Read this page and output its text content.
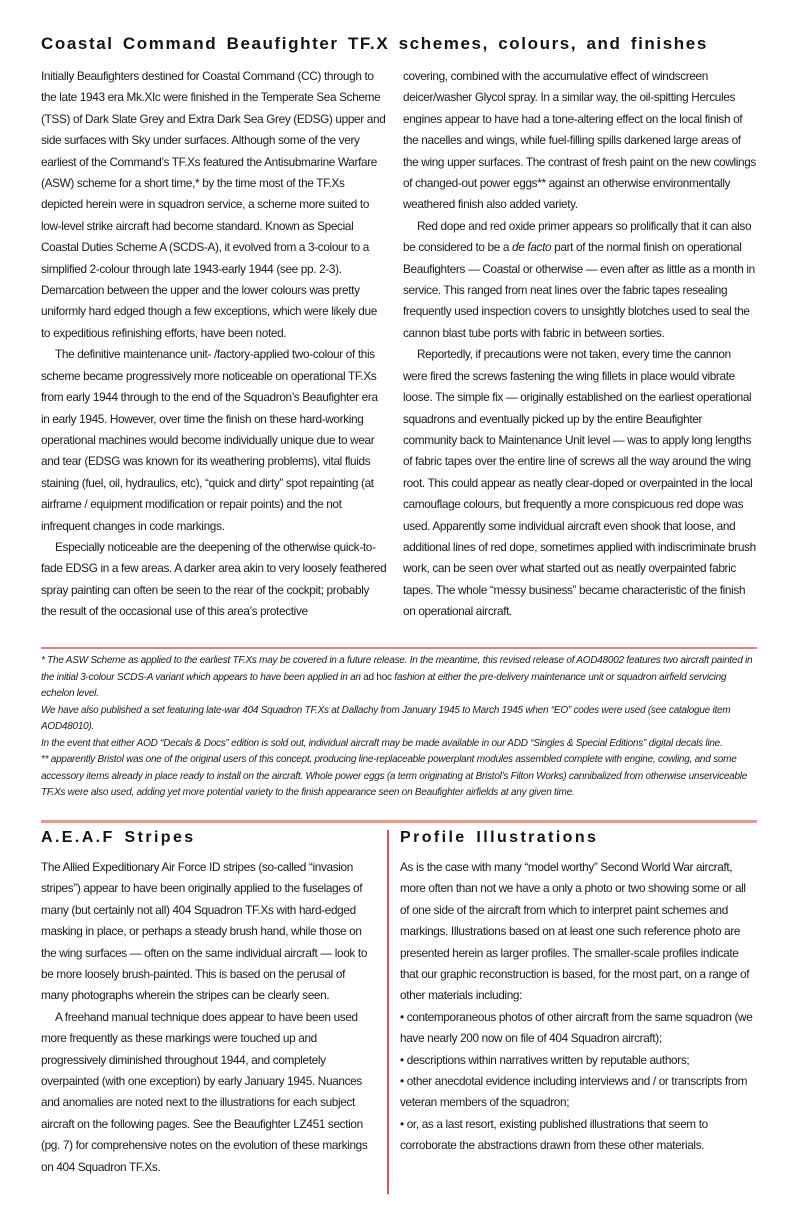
Coastal Command Beaufighter TF.X schemes, colours, and finishes

Initially Beaufighters destined for Coastal Command (CC) through to the late 1943 era Mk.XIc were finished in the Temperate Sea Scheme (TSS) of Dark Slate Grey and Extra Dark Sea Grey (EDSG) upper and side surfaces with Sky under surfaces. Although some of the very earliest of the Command’s TF.Xs featured the Antisubmarine Warfare (ASW) scheme for a short time,* by the time most of the TF.Xs depicted herein were in squadron service, a scheme more suited to low-level strike aircraft had become standard. Known as Special Coastal Duties Scheme A (SCDS-A), it evolved from a 3-colour to a simplified 2-colour through late 1943-early 1944 (see pp. 2-3). Demarcation between the upper and the lower colours was pretty uniformly hard edged though a few exceptions, which were likely due to expeditious refinishing efforts, have been noted.

The definitive maintenance unit- /factory-applied two-colour of this scheme became progressively more noticeable on operational TF.Xs from early 1944 through to the end of the Squadron’s Beaufighter era in early 1945. However, over time the finish on these hard-working operational machines would become individually unique due to wear and tear (EDSG was known for its weathering problems), vital fluids staining (fuel, oil, hydraulics, etc), “quick and dirty” spot repainting (at airframe / equipment modification or repair points) and the not infrequent changes in code markings.

Especially noticeable are the deepening of the otherwise quick-to-fade EDSG in a few areas. A darker area akin to very loosely feathered spray painting can often be seen to the rear of the cockpit; probably the result of the occasional use of this area’s protective

covering, combined with the accumulative effect of windscreen deicer/washer Glycol spray. In a similar way, the oil-spitting Hercules engines appear to have had a tone-altering effect on the local finish of the nacelles and wings, while fuel-filling spills darkened large areas of the wing upper surfaces. The contrast of fresh paint on the new cowlings of changed-out power eggs** against an otherwise environmentally weathered finish also added variety.

Red dope and red oxide primer appears so prolifically that it can also be considered to be a de facto part of the normal finish on operational Beaufighters — Coastal or otherwise — even after as little as a month in service. This ranged from neat lines over the fabric tapes resealing frequently used inspection covers to unsightly blotches used to seal the cannon blast tube ports with fabric in between sorties.

Reportedly, if precautions were not taken, every time the cannon were fired the screws fastening the wing fillets in place would vibrate loose. The simple fix — originally established on the earliest operational squadrons and eventually picked up by the entire Beaufighter community back to Maintenance Unit level — was to apply long lengths of fabric tapes over the entire line of screws all the way around the wing root. This could appear as neatly clear-doped or overpainted in the local camouflage colours, but frequently a more conspicuous red dope was used. Apparently some individual aircraft even shook that loose, and additional lines of red dope, sometimes applied with indiscriminate brush work, can be seen over what started out as neatly overpainted fabric tapes. The whole “messy business” became characteristic of the finish on operational aircraft.

* The ASW Scheme as applied to the earliest TF.Xs may be covered in a future release. In the meantime, this revised release of AOD48002 features two aircraft painted in the initial 3-colour SCDS-A variant which appears to have been applied in an ad hoc fashion at either the pre-delivery maintenance unit or squadron airfield servicing echelon level.

We have also published a set featuring late-war 404 Squadron TF.Xs at Dallachy from January 1945 to March 1945 when “EO” codes were used (see catalogue item AOD48010).

In the event that either AOD “Decals & Docs” edition is sold out, individual aircraft may be made available in our ADD “Singles & Special Editions” digital decals line.

** apparently Bristol was one of the original users of this concept, producing line-replaceable powerplant modules assembled complete with engine, cowling, and some accessory items already in place ready to install on the aircraft. Whole power eggs (a term originating at Bristol’s Filton Works) cannibalized from otherwise unserviceable TF.Xs were also used, adding yet more potential variety to the finish appearance seen on Beaufighter airfields at any given time.

A.E.A.F Stripes

The Allied Expeditionary Air Force ID stripes (so-called “invasion stripes”) appear to have been originally applied to the fuselages of many (but certainly not all) 404 Squadron TF.Xs with hard-edged masking in place, or perhaps a steady brush hand, while those on the wing surfaces — often on the same individual aircraft — look to be more loosely brush-painted. This is based on the perusal of many photographs wherein the stripes can be clearly seen.

A freehand manual technique does appear to have been used more frequently as these markings were touched up and progressively diminished throughout 1944, and completely overpainted (with one exception) by early January 1945. Nuances and anomalies are noted next to the illustrations for each subject aircraft on the following pages. See the Beaufighter LZ451 section (pg. 7) for comprehensive notes on the evolution of these markings on 404 Squadron TF.Xs.

Profile Illustrations

As is the case with many “model worthy” Second World War aircraft, more often than not we have a only a photo or two showing some or all of one side of the aircraft from which to interpret paint schemes and markings. Illustrations based on at least one such reference photo are presented herein as larger profiles. The smaller-scale profiles indicate that our graphic reconstruction is based, for the most part, on a range of other materials including:

• contemporaneous photos of other aircraft from the same squadron (we have nearly 200 now on file of 404 Squadron aircraft);

• descriptions within narratives written by reputable authors;

• other anecdotal evidence including interviews and / or transcripts from veteran members of the squadron;

• or, as a last resort, existing published illustrations that seem to corroborate the abstractions drawn from these other materials.
